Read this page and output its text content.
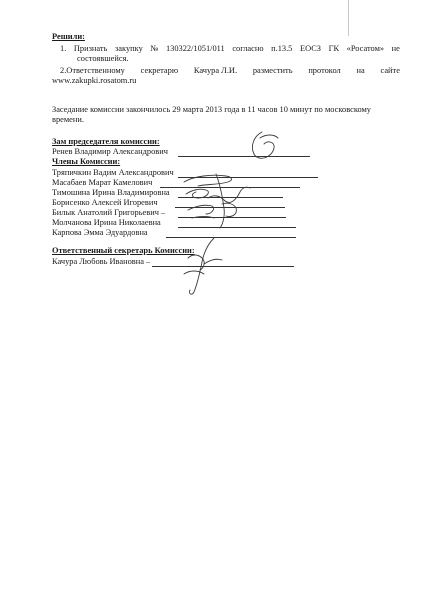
Решили:
1. Признать закупку № 130322/1051/011 согласно п.13.5 ЕОСЗ ГК «Росатом» не
состоявшейся.
2.Ответственному секретарю Качура Л.И. разместить протокол на сайте
www.zakupki.rosatom.ru
Заседание комиссии закончилось 29 марта 2013 года в 11 часов 10 минут по московскому
времени.
Зам председателя комиссии:
Ренев Владимир Александрович
Члены Комиссии:
Тряпичкин Вадим Александрович
Масабаев Марат Камелович
Тимошина Ирина Владимировна
Борисенко Алексей Игоревич
Билык Анатолий Григорьевич –
Молчанова Ирина Николаевна
Карпова Эмма Эдуардовна
Ответственный секретарь Комиссии:
Качура Любовь Ивановна –
